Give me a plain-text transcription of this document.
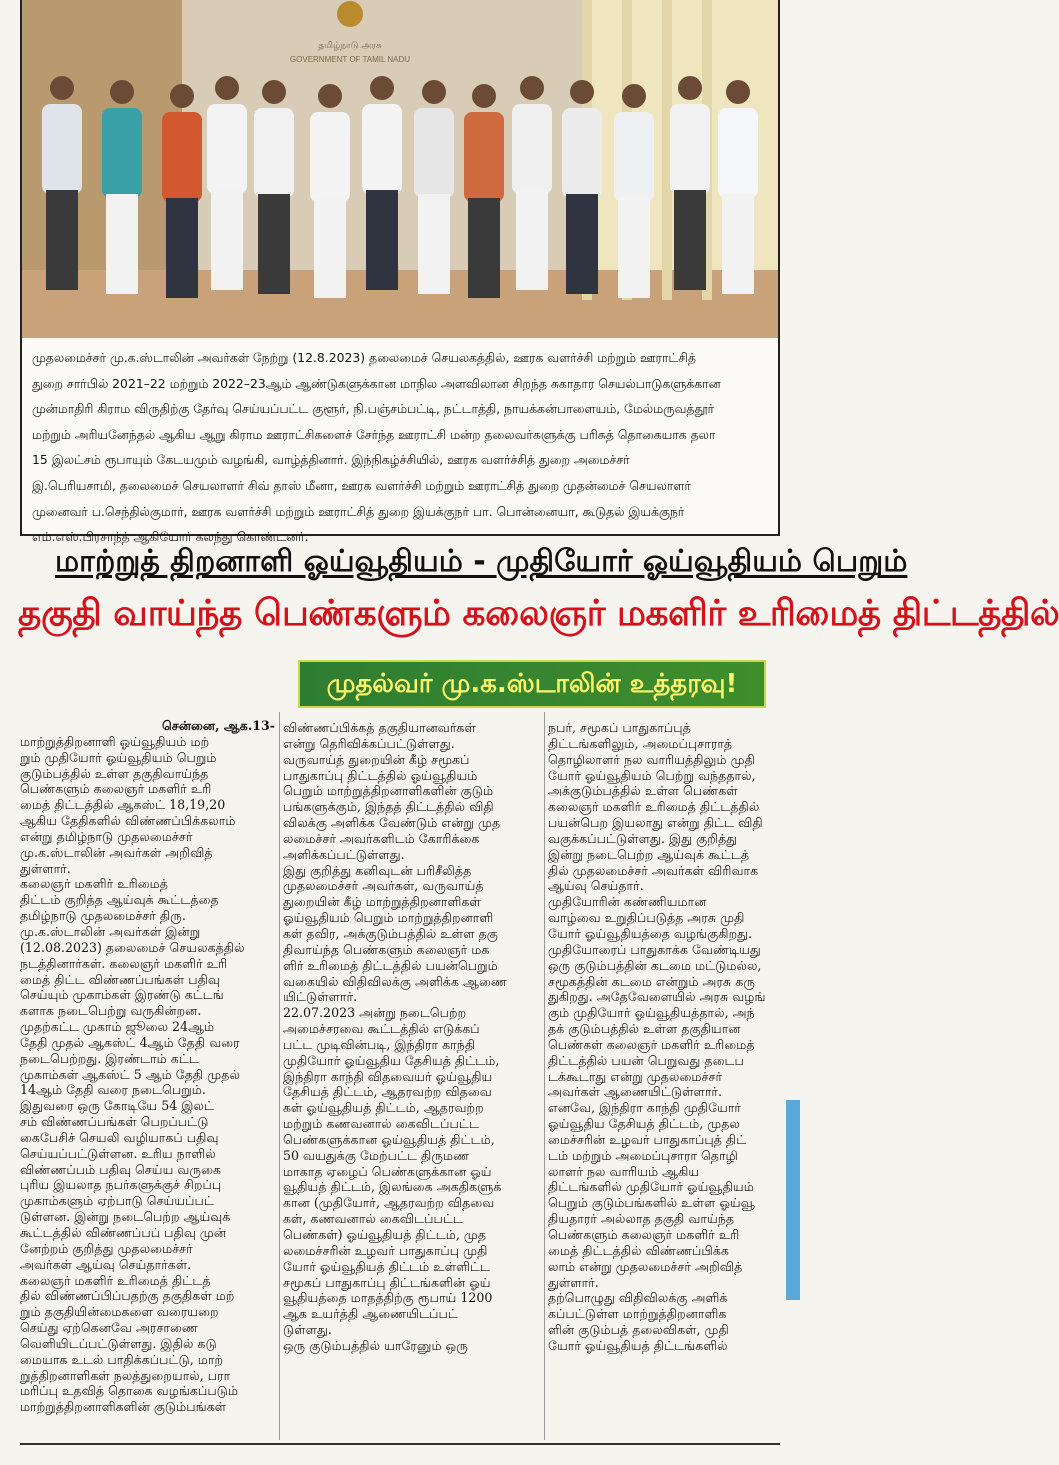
தமிழ்நாடு அரசு
GOVERNMENT OF TAMIL NADU
முதலமைச்சர் மு.க.ஸ்டாலின் அவர்கள் நேற்று (12.8.2023) தலைமைச் செயலகத்தில், ஊரக வளர்ச்சி மற்றும் ஊராட்சித்
துறை சார்பில் 2021–22 மற்றும் 2022–23ஆம் ஆண்டுகளுக்கான மாநில அளவிலான சிறந்த சுகாதார செயல்பாடுகளுக்கான
முன்மாதிரி கிராம விருதிற்கு தேர்வு செய்யப்பட்ட குளூர், நி.பஞ்சம்பட்டி, நட்டாத்தி, நாயக்கன்பாளையம், மேல்மருவத்தூர்
மற்றும் அரியனேந்தல் ஆகிய ஆறு கிராம ஊராட்சிகளைச் சேர்ந்த ஊராட்சி மன்ற தலைவர்களுக்கு பரிசுத் தொகையாக தலா
15 இலட்சம் ரூபாயும் கேடயமும் வழங்கி, வாழ்த்தினார். இந்நிகழ்ச்சியில், ஊரக வளர்ச்சித் துறை அமைச்சர்
இ.பெரியசாமி, தலைமைச் செயலாளர் சிவ் தாஸ் மீனா, ஊரக வளர்ச்சி மற்றும் ஊராட்சித் துறை முதன்மைச் செயலாளர்
முனைவர் ப.செந்தில்குமார், ஊரக வளர்ச்சி மற்றும் ஊராட்சித் துறை இயக்குநர் பா. பொன்னையா, கூடுதல் இயக்குநர்
எம்.எஸ்.பிரசாந்த் ஆகியோர் கலந்து கொண்டனர்.
மாற்றுத் திறனாளி ஓய்வூதியம் - முதியோர் ஓய்வூதியம் பெறும்
தகுதி வாய்ந்த பெண்களும் கலைஞர் மகளிர் உரிமைத் திட்டத்தில்
முதல்வர் மு.க.ஸ்டாலின் உத்தரவு!
சென்னை, ஆக.13-
மாற்றுத்திறனாளி ஓய்வூதியம் மற்
றும் முதியோர் ஓய்வூதியம் பெறும்
குடும்பத்தில் உள்ள தகுதிவாய்ந்த
பெண்களும் கலைஞர் மகளிர் உரி
மைத் திட்டத்தில் ஆகஸ்ட் 18,19,20
ஆகிய தேதிகளில் விண்ணப்பிக்கலாம்
என்று தமிழ்நாடு முதலமைச்சர்
மு.க.ஸ்டாலின் அவர்கள் அறிவித்
துள்ளார்.
கலைஞர் மகளிர் உரிமைத்
திட்டம் குறித்த ஆய்வுக் கூட்டத்தை
தமிழ்நாடு முதலமைச்சர் திரு.
மு.க.ஸ்டாலின் அவர்கள் இன்று
(12.08.2023) தலைமைச் செயலகத்தில்
நடத்தினார்கள். கலைஞர் மகளிர் உரி
மைத் திட்ட விண்ணப்பங்கள் பதிவு
செய்யும் முகாம்கள் இரண்டு கட்டங்
களாக நடைபெற்று வருகின்றன.
முதற்கட்ட முகாம் ஜூலை 24ஆம்
தேதி முதல் ஆகஸ்ட் 4ஆம் தேதி வரை
நடைபெற்றது. இரண்டாம் கட்ட
முகாம்கள் ஆகஸ்ட் 5 ஆம் தேதி முதல்
14ஆம் தேதி வரை நடைபெறும்.
இதுவரை ஒரு கோடியே 54 இலட்
சம் விண்ணப்பங்கள் பெறப்பட்டு
கைபேசிச் செயலி வழியாகப் பதிவு
செய்யப்பட்டுள்ளன. உரிய நாளில்
விண்ணப்பம் பதிவு செய்ய வருகை
புரிய இயலாத நபர்களுக்குச் சிறப்பு
முகாம்களும் ஏற்பாடு செய்யப்பட்
டுள்ளன. இன்று நடைபெற்ற ஆய்வுக்
கூட்டத்தில் விண்ணப்பப் பதிவு முன்
னேற்றம் குறித்து முதலமைச்சர்
அவர்கள் ஆய்வு செய்தார்கள்.
கலைஞர் மகளிர் உரிமைத் திட்டத்
தில் விண்ணப்பிப்பதற்கு தகுதிகள் மற்
றும் தகுதியின்மைகளை வரையறை
செய்து ஏற்கெனவே அரசாணை
வெளியிடப்பட்டுள்ளது. இதில் கடு
மையாக உடல் பாதிக்கப்பட்டு, மாற்
றுத்திறனாளிகள் நலத்துறையால், பரா
மரிப்பு உதவித் தொகை வழங்கப்படும்
மாற்றுத்திறனாளிகளின் குடும்பங்கள்
விண்ணப்பிக்கத் தகுதியானவர்கள்
என்று தெரிவிக்கப்பட்டுள்ளது.
வருவாய்த் துறையின் கீழ் சமூகப்
பாதுகாப்பு திட்டத்தில் ஓய்வூதியம்
பெறும் மாற்றுத்திறனாளிகளின் குடும்
பங்களுக்கும், இந்தத் திட்டத்தில் விதி
விலக்கு அளிக்க வேண்டும் என்று முத
லமைச்சர் அவர்களிடம் கோரிக்கை
அளிக்கப்பட்டுள்ளது.
இது குறித்து கனிவுடன் பரிசீலித்த
முதலமைச்சர் அவர்கள், வருவாய்த்
துறையின் கீழ் மாற்றுத்திறனாளிகள்
ஓய்வூதியம் பெறும் மாற்றுத்திறனாளி
கள் தவிர, அக்குடும்பத்தில் உள்ள தகு
திவாய்ந்த பெண்களும் கலைஞர் மக
ளிர் உரிமைத் திட்டத்தில் பயன்பெறும்
வகையில் விதிவிலக்கு அளிக்க ஆணை
யிட்டுள்ளார்.
22.07.2023 அன்று நடைபெற்ற
அமைச்சரவை கூட்டத்தில் எடுக்கப்
பட்ட முடிவின்படி, இந்திரா காந்தி
முதியோர் ஓய்வூதிய தேசியத் திட்டம்,
இந்திரா காந்தி விதவையர் ஓய்வூதிய
தேசியத் திட்டம், ஆதரவற்ற விதவை
கள் ஓய்வூதியத் திட்டம், ஆதரவற்ற
மற்றும் கணவனால் கைவிடப்பட்ட
பெண்களுக்கான ஓய்வூதியத் திட்டம்,
50 வயதுக்கு மேற்பட்ட திருமண
மாகாத ஏழைப் பெண்களுக்கான ஓய்
வூதியத் திட்டம், இலங்கை அகதிகளுக்
கான (முதியோர், ஆதரவற்ற விதவை
கள், கணவனால் கைவிடப்பட்ட
பெண்கள்) ஓய்வூதியத் திட்டம், முத
லமைச்சரின் உழவர் பாதுகாப்பு முதி
யோர் ஓய்வூதியத் திட்டம் உள்ளிட்ட
சமூகப் பாதுகாப்பு திட்டங்களின் ஓய்
வூதியத்தை மாதத்திற்கு ரூபாய் 1200
ஆக உயர்த்தி ஆணையிடப்பட்
டுள்ளது.
ஒரு குடும்பத்தில் யாரேனும் ஒரு
நபர், சமூகப் பாதுகாப்புத்
திட்டங்களிலும், அமைப்புசாராத்
தொழிலாளர் நல வாரியத்திலும் முதி
யோர் ஓய்வூதியம் பெற்று வந்ததால்,
அக்குடும்பத்தில் உள்ள பெண்கள்
கலைஞர் மகளிர் உரிமைத் திட்டத்தில்
பயன்பெற இயலாது என்று திட்ட விதி
வகுக்கப்பட்டுள்ளது. இது குறித்து
இன்று நடைபெற்ற ஆய்வுக் கூட்டத்
தில் முதலமைச்சர் அவர்கள் விரிவாக
ஆய்வு செய்தார்.
முதியோரின் கண்ணியமான
வாழ்வை உறுதிப்படுத்த அரசு முதி
யோர் ஓய்வூதியத்தை வழங்குகிறது.
முதியோரைப் பாதுகாக்க வேண்டியது
ஒரு குடும்பத்தின் கடமை மட்டுமல்ல,
சமூகத்தின் கடமை என்றும் அரசு கரு
துகிறது. அதேவேளையில் அரசு வழங்
கும் முதியோர் ஓய்வூதியத்தால், அந்
தக் குடும்பத்தில் உள்ள தகுதியான
பெண்கள் கலைஞர் மகளிர் உரிமைத்
திட்டத்தில் பயன் பெறுவது தடைப
டக்கூடாது என்று முதலமைச்சர்
அவர்கள் ஆணையிட்டுள்ளார்.
எனவே, இந்திரா காந்தி முதியோர்
ஓய்வூதிய தேசியத் திட்டம், முதல
மைச்சரின் உழவர் பாதுகாப்புத் திட்
டம் மற்றும் அமைப்புசாரா தொழி
லாளர் நல வாரியம் ஆகிய
திட்டங்களில் முதியோர் ஓய்வூதியம்
பெறும் குடும்பங்களில் உள்ள ஓய்வூ
தியதாரர் அல்லாத தகுதி வாய்ந்த
பெண்களும் கலைஞர் மகளிர் உரி
மைத் திட்டத்தில் விண்ணப்பிக்க
லாம் என்று முதலமைச்சர் அறிவித்
துள்ளார்.
தற்பொழுது விதிவிலக்கு அளிக்
கப்பட்டுள்ள மாற்றுத்திறனாளிக
ளின் குடும்பத் தலைவிகள், முதி
யோர் ஓய்வூதியத் திட்டங்களில்
